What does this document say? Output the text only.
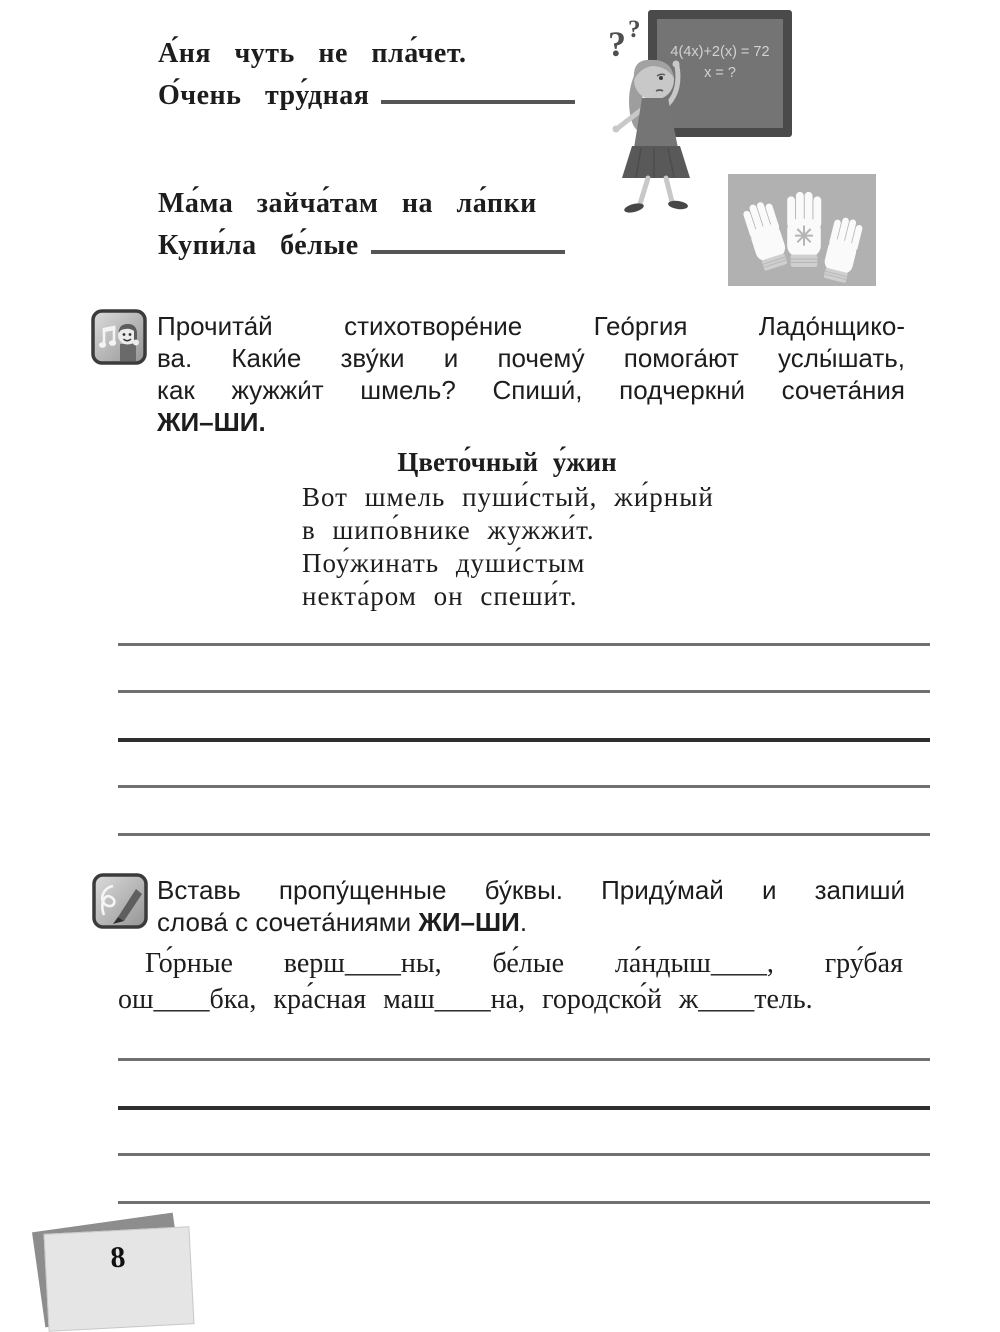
А́ня чуть не пла́чет.
О́чень тру́дная
Ма́ма зайча́там на ла́пки
Купи́ла бе́лые
4(4x)+2(x) = 72
x = ?
? ?
Прочита́й стихотворе́ние Гео́ргия Ладо́нщико-
ва. Каки́е зву́ки и почему́ помога́ют услы́шать,
как жужжи́т шмель? Спиши́, подчеркни́ сочета́ния
ЖИ–ШИ.
Цвето́чный у́жин
Вот шмель пуши́стый, жи́рный
в шипо́внике жужжи́т.
Поу́жинать души́стым
некта́ром он спеши́т.
Вставь пропу́щенные бу́квы. Приду́май и запиши́
слова́ с сочета́ниями ЖИ–ШИ.
Го́рные верш____ны, бе́лые ла́ндыш____, гру́бая
ош____бка, кра́сная маш____на, городско́й ж____тель.
8
